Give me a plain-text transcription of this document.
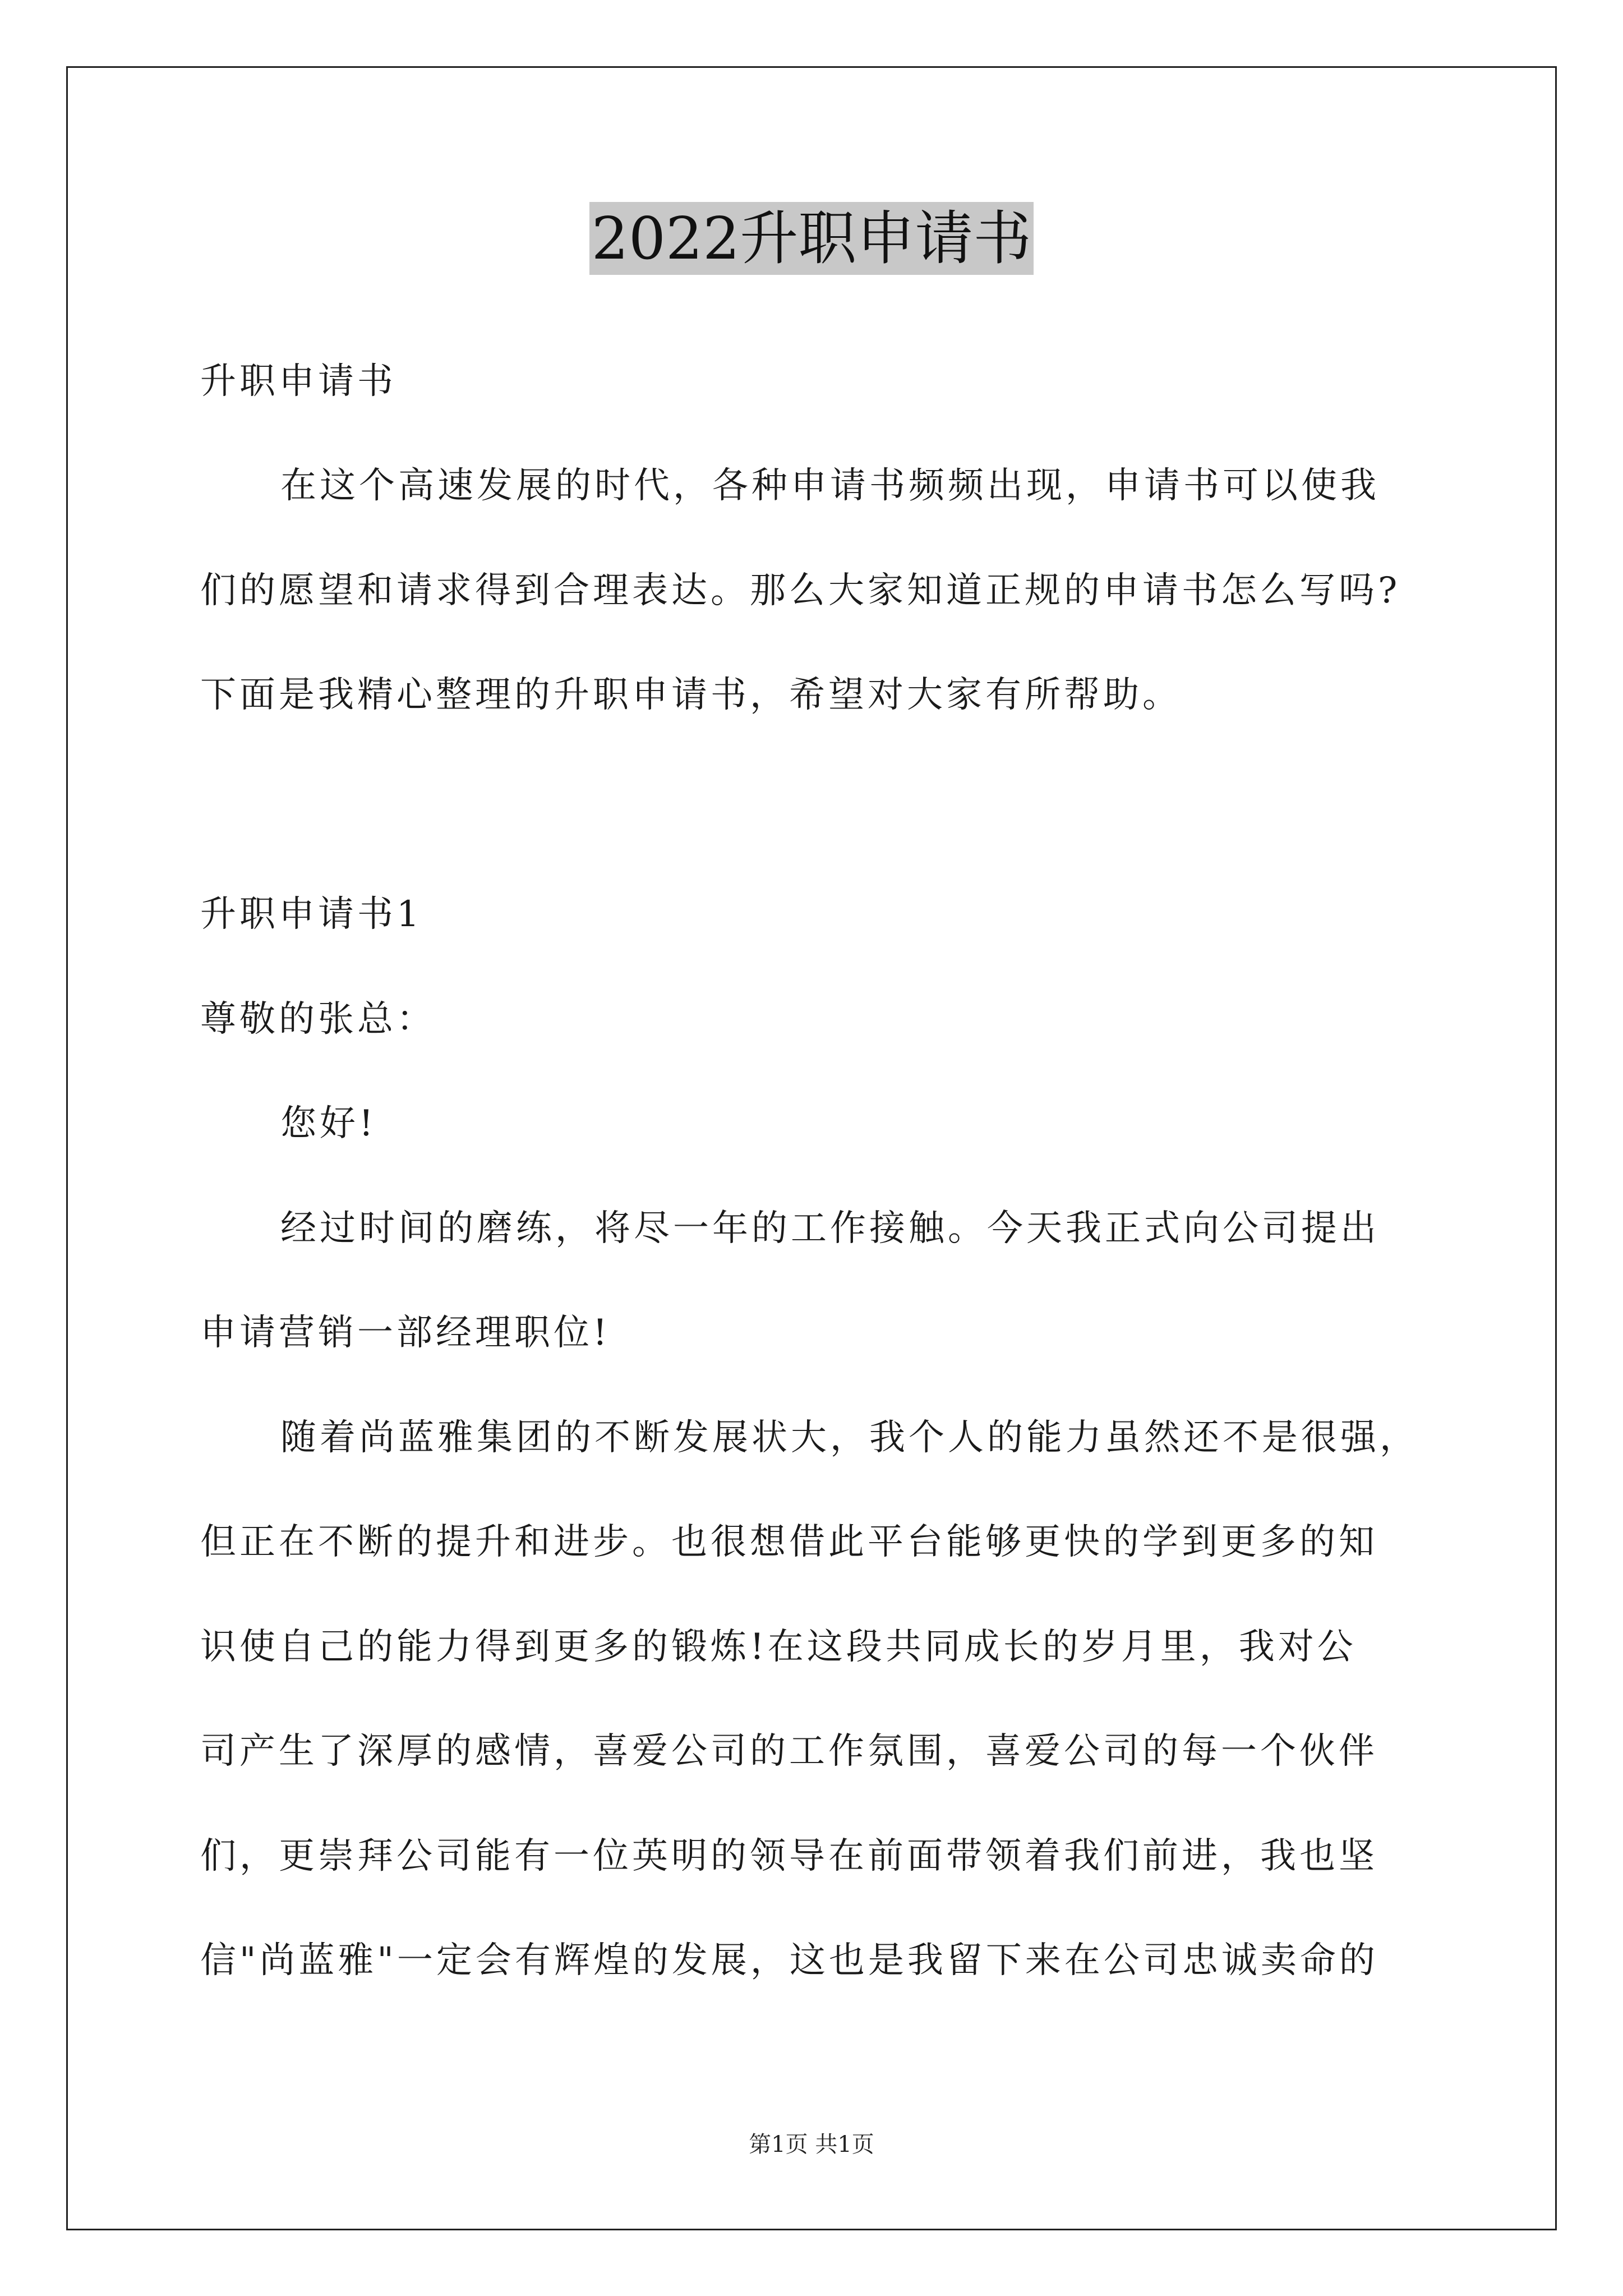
2022升职申请书
升职申请书
在这个高速发展的时代，各种申请书频频出现，申请书可以使我
们的愿望和请求得到合理表达。那么大家知道正规的申请书怎么写吗?
下面是我精心整理的升职申请书，希望对大家有所帮助。
升职申请书1
尊敬的张总：
您好!
经过时间的磨练，将尽一年的工作接触。今天我正式向公司提出
申请营销一部经理职位!
随着尚蓝雅集团的不断发展状大，我个人的能力虽然还不是很强，
但正在不断的提升和进步。也很想借此平台能够更快的学到更多的知
识使自己的能力得到更多的锻炼!在这段共同成长的岁月里，我对公
司产生了深厚的感情，喜爱公司的工作氛围，喜爱公司的每一个伙伴
们，更崇拜公司能有一位英明的领导在前面带领着我们前进，我也坚
信"尚蓝雅"一定会有辉煌的发展，这也是我留下来在公司忠诚卖命的
第1页 共1页
